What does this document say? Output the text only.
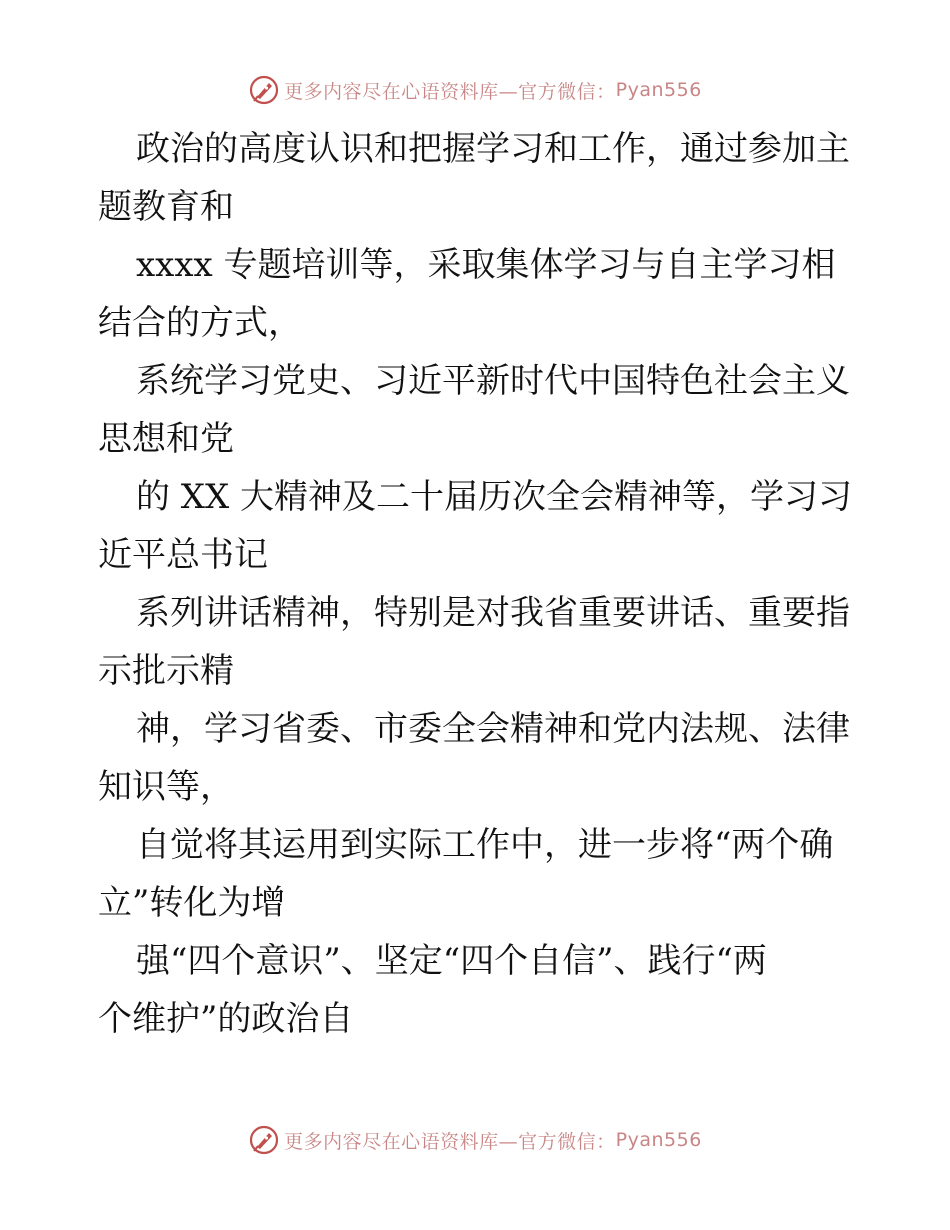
更多内容尽在心语资料库—官方微信： Pyan556
政治的高度认识和把握学习和工作，通过参加主
题教育和
xxxx 专题培训等，采取集体学习与自主学习相
结合的方式，
系统学习党史、习近平新时代中国特色社会主义
思想和党
的 XX 大精神及二十届历次全会精神等，学习习
近平总书记
系列讲话精神，特别是对我省重要讲话、重要指
示批示精
神，学习省委、市委全会精神和党内法规、法律
知识等，
自觉将其运用到实际工作中，进一步将“两个确
立”转化为增
强“四个意识”、坚定“四个自信”、践行“两
个维护”的政治自
更多内容尽在心语资料库—官方微信： Pyan556
